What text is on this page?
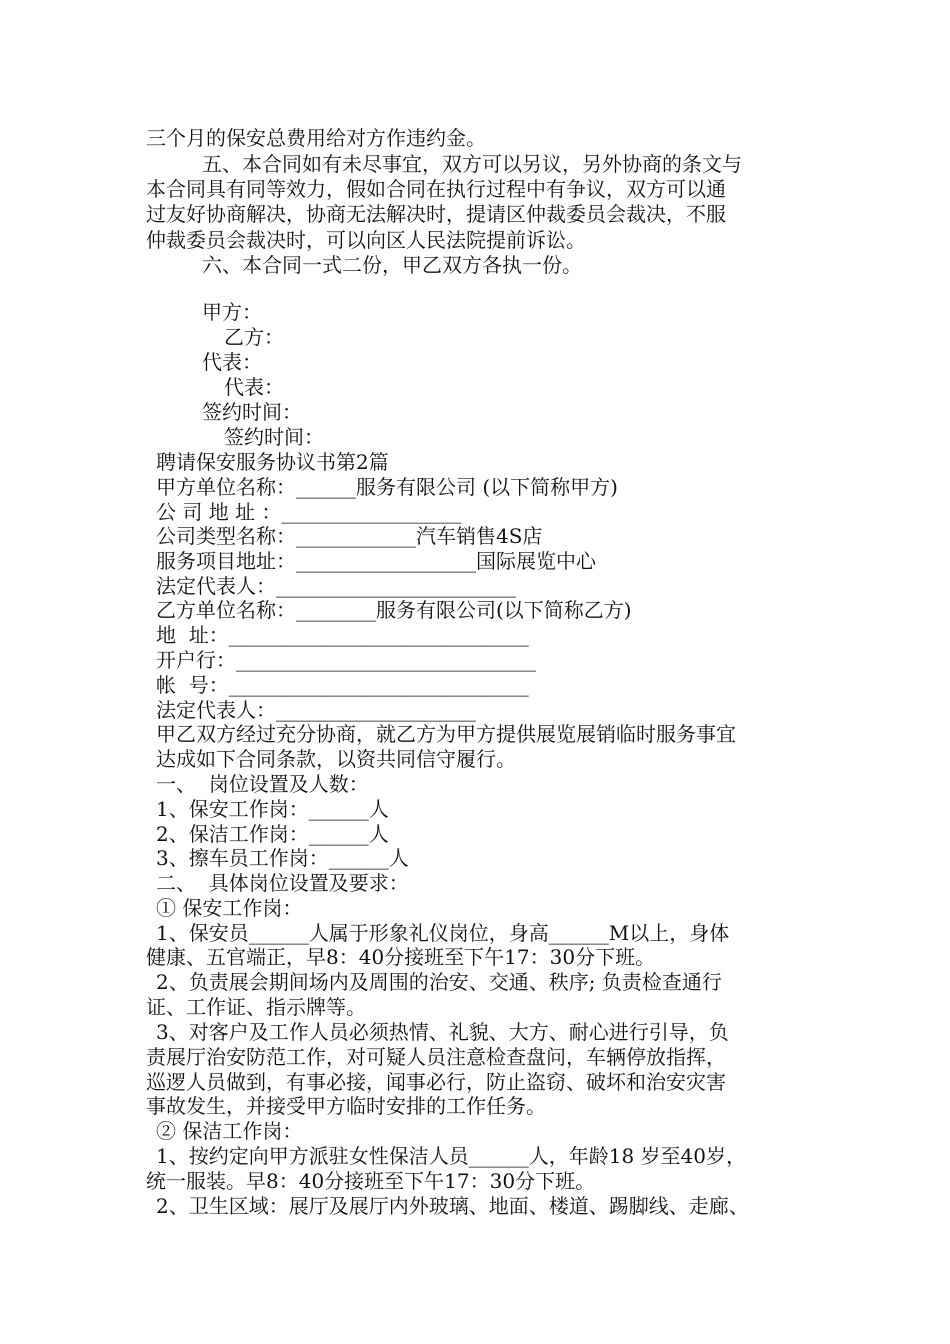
三个月的保安总费用给对方作违约金。
五、本合同如有未尽事宜，双方可以另议，另外协商的条文与
本合同具有同等效力，假如合同在执行过程中有争议，双方可以通
过友好协商解决，协商无法解决时，提请区仲裁委员会裁决，不服
仲裁委员会裁决时，可以向区人民法院提前诉讼。
六、本合同一式二份，甲乙双方各执一份。
甲方：
乙方：
代表：
代表：
签约时间：
签约时间：
聘请保安服务协议书第2篇
甲方单位名称：______服务有限公司 (以下简称甲方)
公 司 地 址 ：__________________
公司类型名称：____________汽车销售4S店
服务项目地址：__________________国际展览中心
法定代表人：________________________
乙方单位名称：________服务有限公司(以下简称乙方)
地  址：______________________________
开户行：______________________________
帐  号：______________________________
法定代表人：____________________
甲乙双方经过充分协商，就乙方为甲方提供展览展销临时服务事宜
达成如下合同条款，以资共同信守履行。
一、  岗位设置及人数：
1、保安工作岗：______人
2、保洁工作岗：______人
3、擦车员工作岗：______人
二、  具体岗位设置及要求：
① 保安工作岗：
1、保安员______人属于形象礼仪岗位，身高______M以上，身体
健康、五官端正，早8：40分接班至下午17：30分下班。
2、负责展会期间场内及周围的治安、交通、秩序; 负责检查通行
证、工作证、指示牌等。
3、对客户及工作人员必须热情、礼貌、大方、耐心进行引导，负
责展厅治安防范工作，对可疑人员注意检查盘问，车辆停放指挥，
巡逻人员做到，有事必接，闻事必行，防止盗窃、破坏和治安灾害
事故发生，并接受甲方临时安排的工作任务。
② 保洁工作岗：
1、按约定向甲方派驻女性保洁人员______人，年龄18 岁至40岁，
统一服装。早8：40分接班至下午17：30分下班。
2、卫生区域：展厅及展厅内外玻璃、地面、楼道、踢脚线、走廊、
